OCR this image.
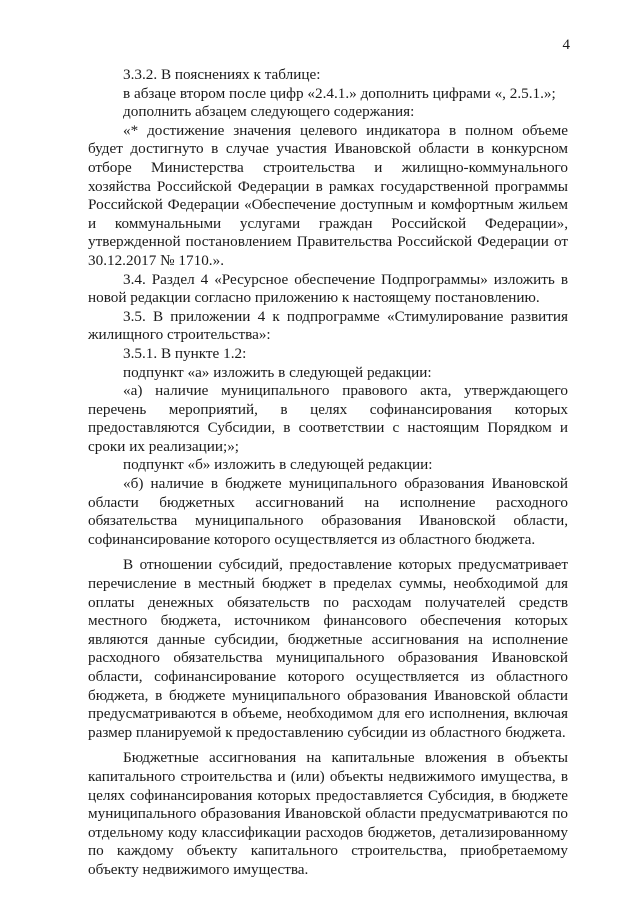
4

3.3.2. В пояснениях к таблице:

в абзаце втором после цифр «2.4.1.» дополнить цифрами «, 2.5.1.»;

дополнить абзацем следующего содержания:

«* достижение значения целевого индикатора в полном объеме будет достигнуто в случае участия Ивановской области в конкурсном отборе Министерства строительства и жилищно-коммунального хозяйства Российской Федерации в рамках государственной программы Российской Федерации «Обеспечение доступным и комфортным жильем и коммунальными услугами граждан Российской Федерации», утвержденной постановлением Правительства Российской Федерации от 30.12.2017 № 1710.».

3.4. Раздел 4 «Ресурсное обеспечение Подпрограммы» изложить в новой редакции согласно приложению к настоящему постановлению.

3.5. В приложении 4 к подпрограмме «Стимулирование развития жилищного строительства»:

3.5.1. В пункте 1.2:

подпункт «а» изложить в следующей редакции:

«а) наличие муниципального правового акта, утверждающего перечень мероприятий, в целях софинансирования которых предоставляются Субсидии, в соответствии с настоящим Порядком и сроки их реализации;»;

подпункт «б» изложить в следующей редакции:

«б) наличие в бюджете муниципального образования Ивановской области бюджетных ассигнований на исполнение расходного обязательства муниципального образования Ивановской области, софинансирование которого осуществляется из областного бюджета.

В отношении субсидий, предоставление которых предусматривает перечисление в местный бюджет в пределах суммы, необходимой для оплаты денежных обязательств по расходам получателей средств местного бюджета, источником финансового обеспечения которых являются данные субсидии, бюджетные ассигнования на исполнение расходного обязательства муниципального образования Ивановской области, софинансирование которого осуществляется из областного бюджета, в бюджете муниципального образования Ивановской области предусматриваются в объеме, необходимом для его исполнения, включая размер планируемой к предоставлению субсидии из областного бюджета.

Бюджетные ассигнования на капитальные вложения в объекты капитального строительства и (или) объекты недвижимого имущества, в целях софинансирования которых предоставляется Субсидия, в бюджете муниципального образования Ивановской области предусматриваются по отдельному коду классификации расходов бюджетов, детализированному по каждому объекту капитального строительства, приобретаемому объекту недвижимого имущества.
